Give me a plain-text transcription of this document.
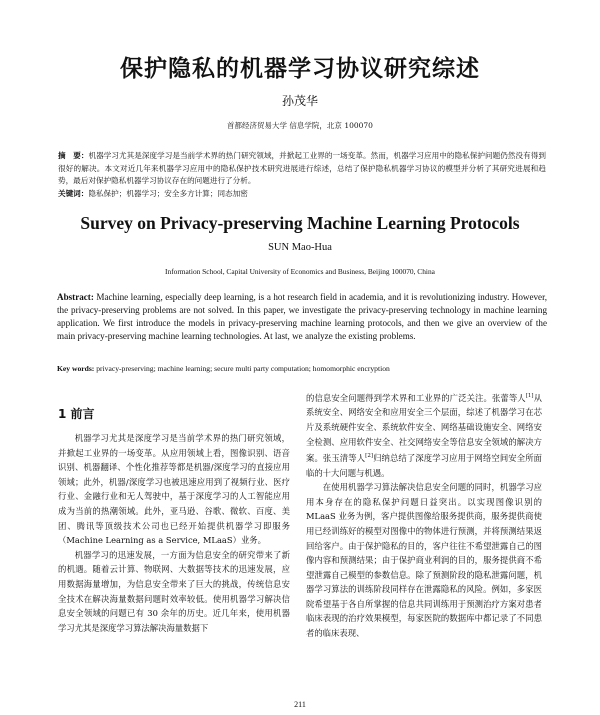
保护隐私的机器学习协议研究综述
孙茂华
首都经济贸易大学 信息学院，北京 100070
摘　要：机器学习尤其是深度学习是当前学术界的热门研究领域，并掀起工业界的一场变革。然而，机器学习应用中的隐私保护问题仍然没有得到很好的解决。本文对近几年来机器学习应用中的隐私保护技术研究进展进行综述，总结了保护隐私机器学习协议的模型并分析了其研究进展和趋势，最后对保护隐私机器学习协议存在的问题进行了分析。
关键词：隐私保护；机器学习；安全多方计算；同态加密
Survey on Privacy-preserving Machine Learning Protocols
SUN Mao-Hua
Information School, Capital University of Economics and Business, Beijing 100070, China
Abstract: Machine learning, especially deep learning, is a hot research field in academia, and it is revolutionizing industry. However, the privacy-preserving problems are not solved. In this paper, we investigate the privacy-preserving technology in machine learning application. We first introduce the models in privacy-preserving machine learning protocols, and then we give an overview of the main privacy-preserving machine learning technologies. At last, we analyze the existing problems.
Key words: privacy-preserving; machine learning; secure multi party computation; homomorphic encryption
1 前言

机器学习尤其是深度学习是当前学术界的热门研究领域，并掀起工业界的一场变革。从应用领域上看，图像识别、语音识别、机器翻译、个性化推荐等都是机器/深度学习的直接应用领域；此外，机器/深度学习也被迅速应用到了视频行业、医疗行业、金融行业和无人驾驶中，基于深度学习的人工智能应用成为当前的热潮领域。此外，亚马逊、谷歌、微软、百度、美团、腾讯等顶级技术公司也已经开始提供机器学习即服务（Machine Learning as a Service, MLaaS）业务。

机器学习的迅速发展，一方面为信息安全的研究带来了新的机遇。随着云计算、物联网、大数据等技术的迅速发展，应用数据海量增加，为信息安全带来了巨大的挑战，传统信息安全技术在解决海量数据问题时效率较低。使用机器学习解决信息安全领域的问题已有 30 余年的历史。近几年来，使用机器学习尤其是深度学习算法解决海量数据下

的信息安全问题得到学术界和工业界的广泛关注。张蕾等人[1]从系统安全、网络安全和应用安全三个层面，综述了机器学习在芯片及系统硬件安全、系统软件安全、网络基础设施安全、网络安全检测、应用软件安全、社交网络安全等信息安全领域的解决方案。张玉清等人[2]归纳总结了深度学习应用于网络空间安全所面临的十大问题与机遇。

在使用机器学习算法解决信息安全问题的同时，机器学习应用本身存在的隐私保护问题日益突出。以实现图像识别的 MLaaS 业务为例，客户提供图像给服务提供商，服务提供商使用已经训练好的模型对图像中的物体进行预测，并将预测结果返回给客户。由于保护隐私的目的，客户往往不希望泄露自己的图像内容和预测结果；由于保护商业利润的目的，服务提供商不希望泄露自己模型的参数信息。除了预测阶段的隐私泄露问题，机器学习算法的训练阶段同样存在泄露隐私的风险。例如，多家医院希望基于各自所掌握的信息共同训练用于预测治疗方案对患者临床表现的治疗效果模型，每家医院的数据库中都记录了不同患者的临床表现、

211
